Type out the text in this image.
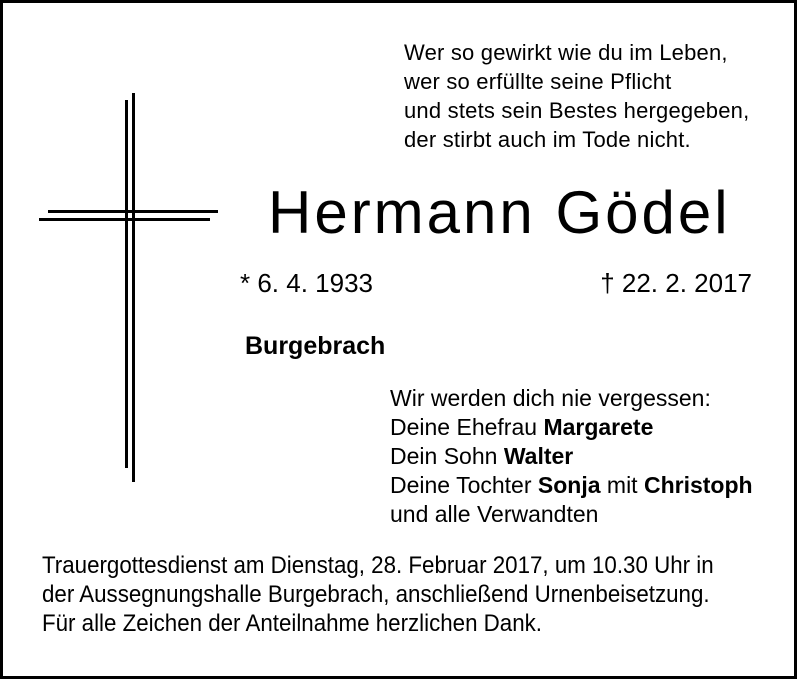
Wer so gewirkt wie du im Leben,
wer so erfüllte seine Pflicht
und stets sein Bestes hergegeben,
der stirbt auch im Tode nicht.
Hermann Gödel
* 6. 4. 1933	† 22. 2. 2017
Burgebrach
Wir werden dich nie vergessen:
Deine Ehefrau Margarete
Dein Sohn Walter
Deine Tochter Sonja mit Christoph
und alle Verwandten
Trauergottesdienst am Dienstag, 28. Februar 2017, um 10.30 Uhr in
der Aussegnungshalle Burgebrach, anschließend Urnenbeisetzung.
Für alle Zeichen der Anteilnahme herzlichen Dank.
